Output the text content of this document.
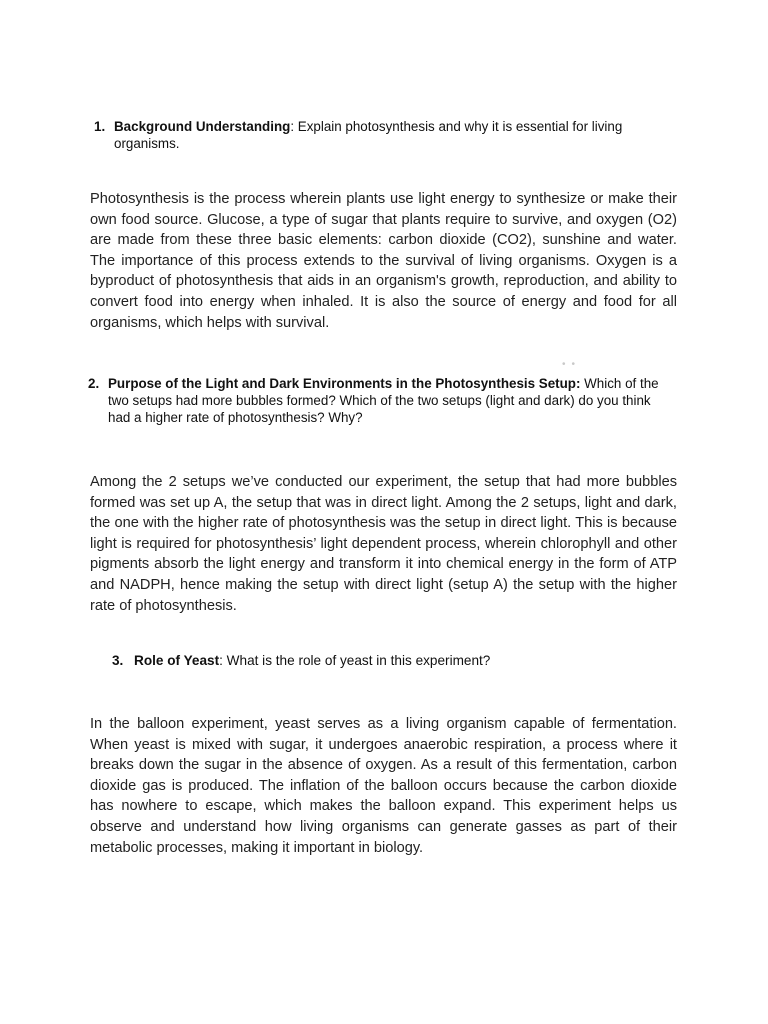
1. Background Understanding: Explain photosynthesis and why it is essential for living organisms.

Photosynthesis is the process wherein plants use light energy to synthesize or make their own food source. Glucose, a type of sugar that plants require to survive, and oxygen (O2) are made from these three basic elements: carbon dioxide (CO2), sunshine and water. The importance of this process extends to the survival of living organisms. Oxygen is a byproduct of photosynthesis that aids in an organism's growth, reproduction, and ability to convert food into energy when inhaled. It is also the source of energy and food for all organisms, which helps with survival.

••
2. Purpose of the Light and Dark Environments in the Photosynthesis Setup: Which of the two setups had more bubbles formed? Which of the two setups (light and dark) do you think had a higher rate of photosynthesis? Why?

Among the 2 setups we’ve conducted our experiment, the setup that had more bubbles formed was set up A, the setup that was in direct light. Among the 2 setups, light and dark, the one with the higher rate of photosynthesis was the setup in direct light. This is because light is required for photosynthesis’ light dependent process, wherein chlorophyll and other pigments absorb the light energy and transform it into chemical energy in the form of ATP and NADPH, hence making the setup with direct light (setup A) the setup with the higher rate of photosynthesis.

3. Role of Yeast: What is the role of yeast in this experiment?

In the balloon experiment, yeast serves as a living organism capable of fermentation. When yeast is mixed with sugar, it undergoes anaerobic respiration, a process where it breaks down the sugar in the absence of oxygen. As a result of this fermentation, carbon dioxide gas is produced. The inflation of the balloon occurs because the carbon dioxide has nowhere to escape, which makes the balloon expand. This experiment helps us observe and understand how living organisms can generate gasses as part of their metabolic processes, making it important in biology.
